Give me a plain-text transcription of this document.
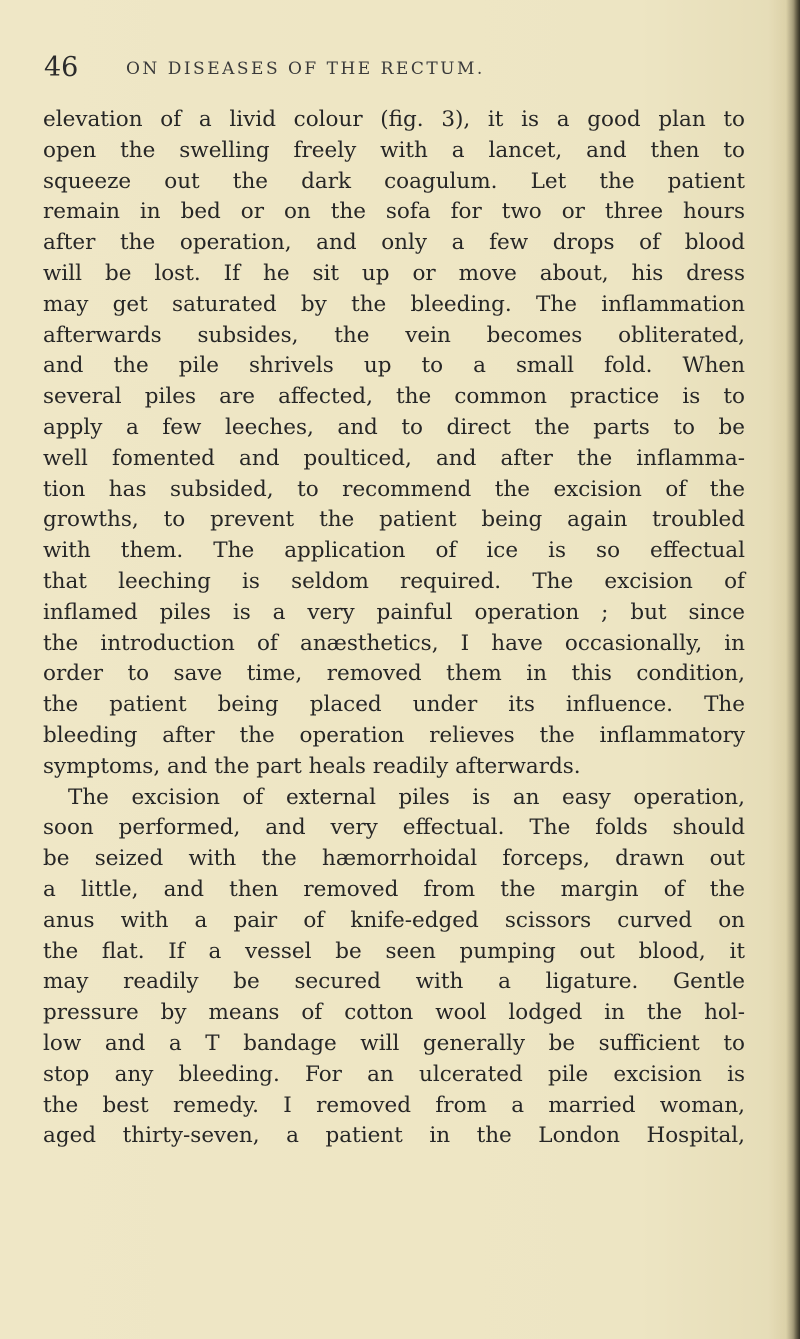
46	ON DISEASES OF THE RECTUM.
elevation of a livid colour (fig. 3), it is a good plan to
open the swelling freely with a lancet, and then to
squeeze out the dark coagulum. Let the patient
remain in bed or on the sofa for two or three hours
after the operation, and only a few drops of blood
will be lost. If he sit up or move about, his dress
may get saturated by the bleeding. The inflammation
afterwards subsides, the vein becomes obliterated,
and the pile shrivels up to a small fold. When
several piles are affected, the common practice is to
apply a few leeches, and to direct the parts to be
well fomented and poulticed, and after the inflamma-
tion has subsided, to recommend the excision of the
growths, to prevent the patient being again troubled
with them. The application of ice is so effectual
that leeching is seldom required. The excision of
inflamed piles is a very painful operation ; but since
the introduction of anæsthetics, I have occasionally, in
order to save time, removed them in this condition,
the patient being placed under its influence. The
bleeding after the operation relieves the inflammatory
symptoms, and the part heals readily afterwards.
The excision of external piles is an easy operation,
soon performed, and very effectual. The folds should
be seized with the hæmorrhoidal forceps, drawn out
a little, and then removed from the margin of the
anus with a pair of knife-edged scissors curved on
the flat. If a vessel be seen pumping out blood, it
may readily be secured with a ligature. Gentle
pressure by means of cotton wool lodged in the hol-
low and a T bandage will generally be sufficient to
stop any bleeding. For an ulcerated pile excision is
the best remedy. I removed from a married woman,
aged thirty-seven, a patient in the London Hospital,
